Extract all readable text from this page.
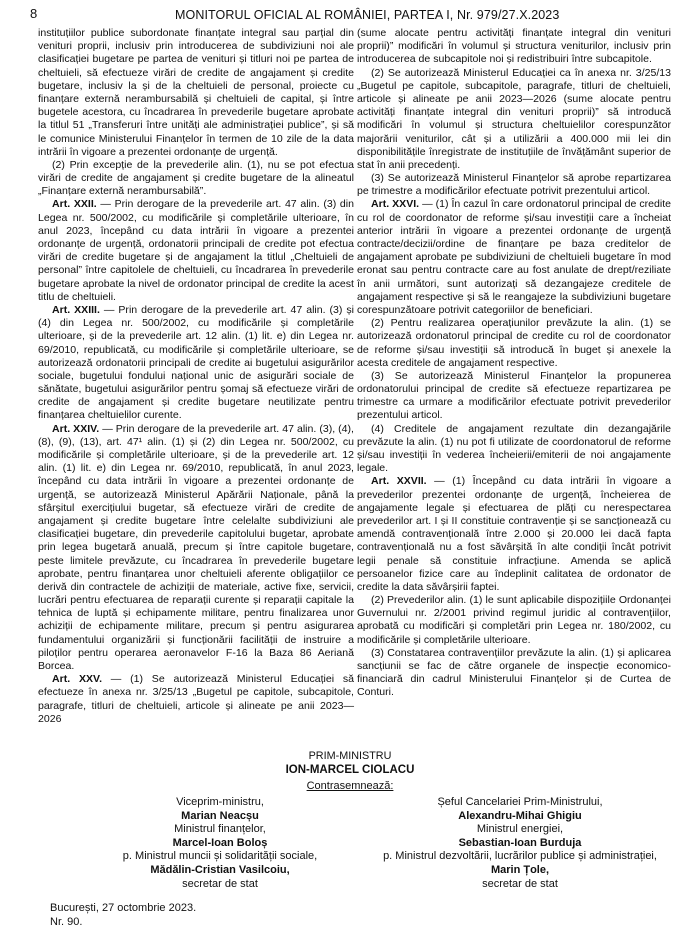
8	MONITORUL OFICIAL AL ROMÂNIEI, PARTEA I, Nr. 979/27.X.2023

instituțiilor publice subordonate finanțate integral sau parțial din venituri proprii, inclusiv prin introducerea de subdiviziuni noi ale clasificației bugetare pe partea de venituri și titluri noi pe partea de cheltuieli, să efectueze virări de credite de angajament și credite bugetare, inclusiv la și de la cheltuieli de personal, proiecte cu finanțare externă nerambursabilă și cheltuieli de capital, și între bugetele acestora, cu încadrarea în prevederile bugetare aprobate la titlul 51 „Transferuri între unități ale administrației publice”, și să le comunice Ministerului Finanțelor în termen de 10 zile de la data intrării în vigoare a prezentei ordonanțe de urgență.

(2) Prin excepție de la prevederile alin. (1), nu se pot efectua virări de credite de angajament și credite bugetare de la alineatul „Finanțare externă nerambursabilă”.

Art. XXII. — Prin derogare de la prevederile art. 47 alin. (3) din Legea nr. 500/2002, cu modificările și completările ulterioare, în anul 2023, începând cu data intrării în vigoare a prezentei ordonanțe de urgență, ordonatorii principali de credite pot efectua virări de credite bugetare și de angajament la titlul „Cheltuieli de personal” între capitolele de cheltuieli, cu încadrarea în prevederile bugetare aprobate la nivel de ordonator principal de credite la acest titlu de cheltuieli.

Art. XXIII. — Prin derogare de la prevederile art. 47 alin. (3) și (4) din Legea nr. 500/2002, cu modificările și completările ulterioare, și de la prevederile art. 12 alin. (1) lit. e) din Legea nr. 69/2010, republicată, cu modificările și completările ulterioare, se autorizează ordonatorii principali de credite ai bugetului asigurărilor sociale, bugetului fondului național unic de asigurări sociale de sănătate, bugetului asigurărilor pentru șomaj să efectueze virări de credite de angajament și credite bugetare neutilizate pentru finanțarea cheltuielilor curente.

Art. XXIV. — Prin derogare de la prevederile art. 47 alin. (3), (4), (8), (9), (13), art. 47¹ alin. (1) și (2) din Legea nr. 500/2002, cu modificările și completările ulterioare, și de la prevederile art. 12 alin. (1) lit. e) din Legea nr. 69/2010, republicată, în anul 2023, începând cu data intrării în vigoare a prezentei ordonanțe de urgență, se autorizează Ministerul Apărării Naționale, până la sfârșitul exercițiului bugetar, să efectueze virări de credite de angajament și credite bugetare între celelalte subdiviziuni ale clasificației bugetare, din prevederile capitolului bugetar, aprobate prin legea bugetară anuală, precum și între capitole bugetare, peste limitele prevăzute, cu încadrarea în prevederile bugetare aprobate, pentru finanțarea unor cheltuieli aferente obligațiilor ce derivă din contractele de achiziții de materiale, active fixe, servicii, lucrări pentru efectuarea de reparații curente și reparații capitale la tehnica de luptă și echipamente militare, pentru finalizarea unor achiziții de echipamente militare, precum și pentru asigurarea fundamentului organizării și funcționării facilității de instruire a piloților pentru operarea aeronavelor F-16 la Baza 86 Aeriană Borcea.

Art. XXV. — (1) Se autorizează Ministerul Educației să efectueze în anexa nr. 3/25/13 „Bugetul pe capitole, subcapitole, paragrafe, titluri de cheltuieli, articole și alineate pe anii 2023—2026

(sume alocate pentru activități finanțate integral din venituri proprii)” modificări în volumul și structura veniturilor, inclusiv prin introducerea de subcapitole noi și redistribuiri între subcapitole.

(2) Se autorizează Ministerul Educației ca în anexa nr. 3/25/13 „Bugetul pe capitole, subcapitole, paragrafe, titluri de cheltuieli, articole și alineate pe anii 2023—2026 (sume alocate pentru activități finanțate integral din venituri proprii)” să introducă modificări în volumul și structura cheltuielilor corespunzător majorării veniturilor, cât și a utilizării a 400.000 mii lei din disponibilitățile înregistrate de instituțiile de învățământ superior de stat în anii precedenți.

(3) Se autorizează Ministerul Finanțelor să aprobe repartizarea pe trimestre a modificărilor efectuate potrivit prezentului articol.

Art. XXVI. — (1) În cazul în care ordonatorul principal de credite cu rol de coordonator de reforme și/sau investiții care a încheiat anterior intrării în vigoare a prezentei ordonanțe de urgență contracte/decizii/ordine de finanțare pe baza creditelor de angajament aprobate pe subdiviziuni de cheltuieli bugetare în mod eronat sau pentru contracte care au fost anulate de drept/reziliate în anii următori, sunt autorizați să dezangajeze creditele de angajament respective și să le reangajeze la subdiviziuni bugetare corespunzătoare potrivit categoriilor de beneficiari.

(2) Pentru realizarea operațiunilor prevăzute la alin. (1) se autorizează ordonatorul principal de credite cu rol de coordonator de reforme și/sau investiții să introducă în buget și anexele la acesta creditele de angajament respective.

(3) Se autorizează Ministerul Finanțelor la propunerea ordonatorului principal de credite să efectueze repartizarea pe trimestre ca urmare a modificărilor efectuate potrivit prevederilor prezentului articol.

(4) Creditele de angajament rezultate din dezangajările prevăzute la alin. (1) nu pot fi utilizate de coordonatorul de reforme și/sau investiții în vederea încheierii/emiterii de noi angajamente legale.

Art. XXVII. — (1) Începând cu data intrării în vigoare a prevederilor prezentei ordonanțe de urgență, încheierea de angajamente legale și efectuarea de plăți cu nerespectarea prevederilor art. I și II constituie contravenție și se sancționează cu amendă contravențională între 2.000 și 20.000 lei dacă fapta contravențională nu a fost săvârșită în alte condiții încât potrivit legii penale să constituie infracțiune. Amenda se aplică persoanelor fizice care au îndeplinit calitatea de ordonator de credite la data săvârșirii faptei.

(2) Prevederilor alin. (1) le sunt aplicabile dispozițiile Ordonanței Guvernului nr. 2/2001 privind regimul juridic al contravențiilor, aprobată cu modificări și completări prin Legea nr. 180/2002, cu modificările și completările ulterioare.

(3) Constatarea contravențiilor prevăzute la alin. (1) și aplicarea sancțiunii se fac de către organele de inspecție economico-financiară din cadrul Ministerului Finanțelor și de Curtea de Conturi.

PRIM-MINISTRU
ION-MARCEL CIOLACU
Contrasemnează:
Viceprim-ministru,
Marian Neacșu
Ministrul finanțelor,
Marcel-Ioan Boloș
p. Ministrul muncii și solidarității sociale,
Mădălin-Cristian Vasilcoiu,
secretar de stat
Șeful Cancelariei Prim-Ministrului,
Alexandru-Mihai Ghigiu
Ministrul energiei,
Sebastian-Ioan Burduja
p. Ministrul dezvoltării, lucrărilor publice și administrației,
Marin Țole,
secretar de stat
București, 27 octombrie 2023.
Nr. 90.
